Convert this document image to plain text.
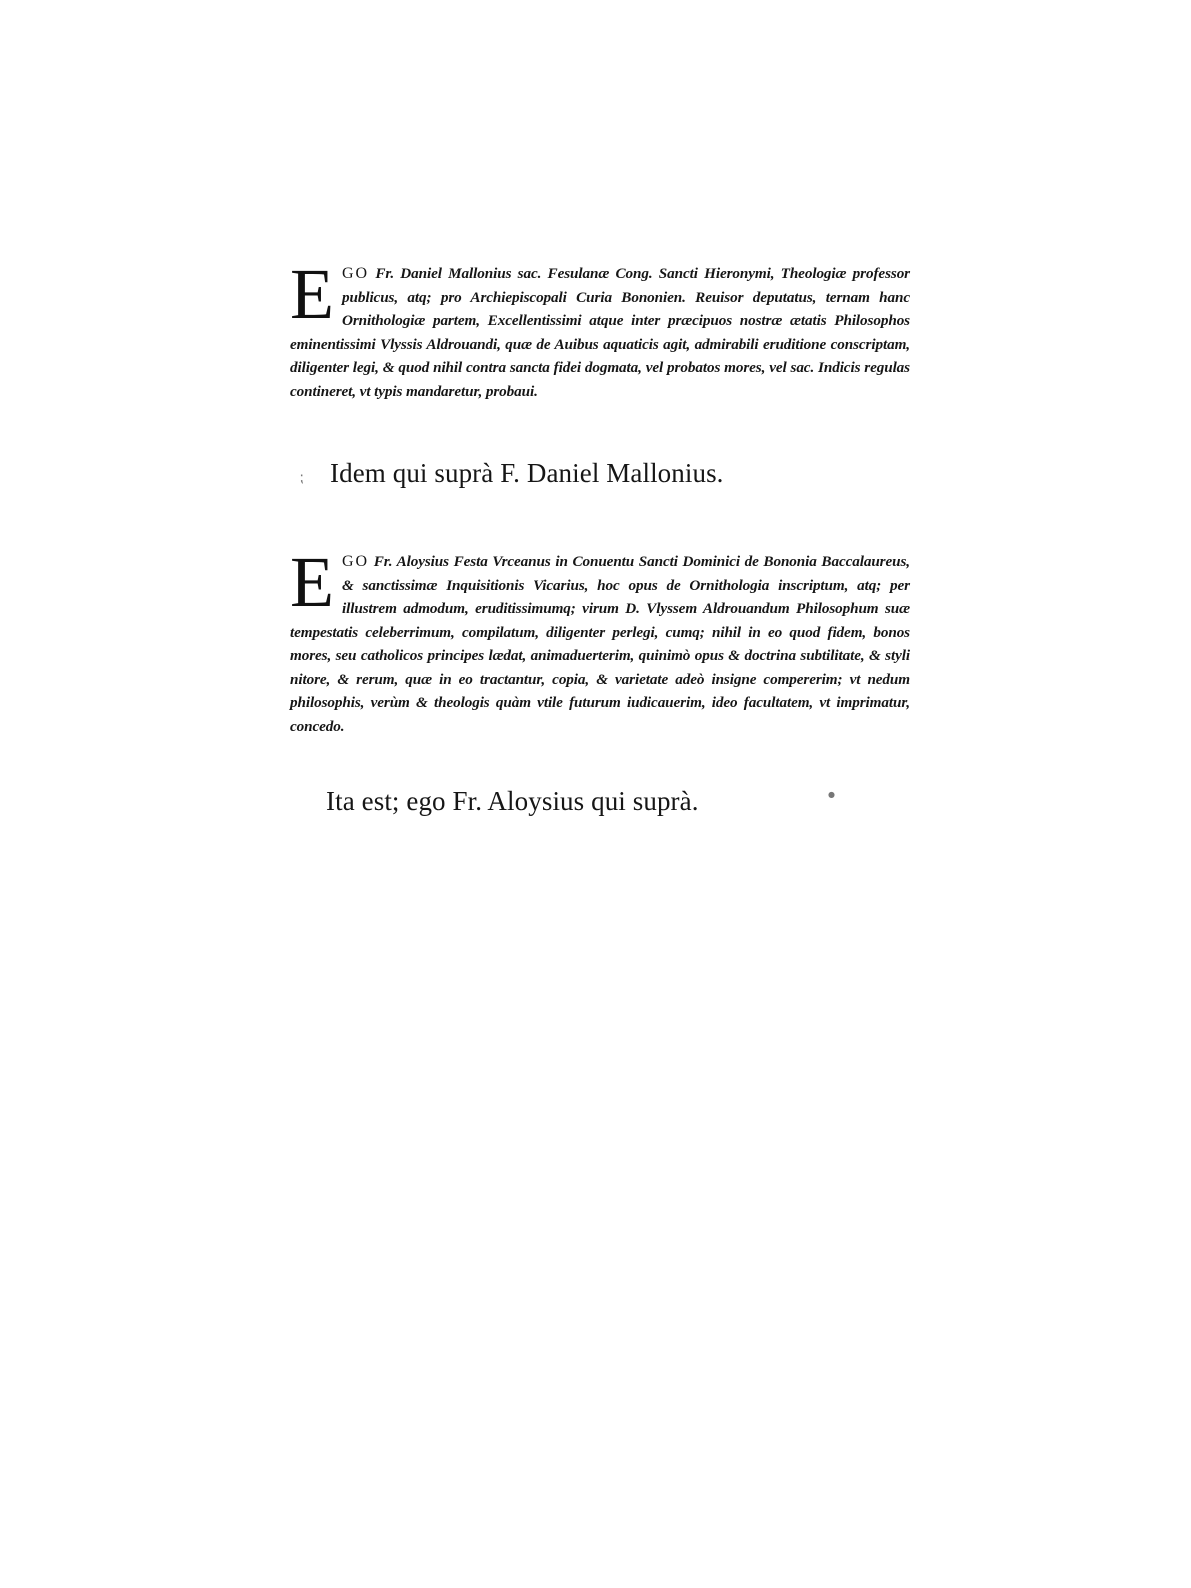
E GO Fr. Daniel Mallonius sac. Fesulanæ Cong. Sancti Hieronymi, Theologiæ professor publicus, atq; pro Archiepiscopali Curia Bononien. Reuisor deputatus, ternam hanc Ornithologiæ partem, Excellentissimi atque inter præcipuos nostræ ætatis Philosophos eminentissimi Vlyssis Aldrouandi, quæ de Auibus aquaticis agit, admirabili eruditione conscriptam, diligenter legi, & quod nihil contra sancta fidei dogmata, vel probatos mores, vel sac. Indicis regulas contineret, vt typis mandaretur, probaui.

⁏ Idem qui suprà F. Daniel Mallonius.
E GO Fr. Aloysius Festa Vrceanus in Conuentu Sancti Dominici de Bononia Baccalaureus, & sanctissimæ Inquisitionis Vicarius, hoc opus de Ornithologia inscriptum, atq; per illustrem admodum, eruditissimumq; virum D. Vlyssem Aldrouandum Philosophum suæ tempestatis celeberrimum, compilatum, diligenter perlegi, cumq; nihil in eo quod fidem, bonos mores, seu catholicos principes lædat, animaduerterim, quinimò opus & doctrina subtilitate, & styli nitore, & rerum, quæ in eo tractantur, copia, & varietate adeò insigne compererim; vt nedum philosophis, verùm & theologis quàm vtile futurum iudicauerim, ideo facultatem, vt imprimatur, concedo.

Ita est; ego Fr. Aloysius qui suprà.	●
